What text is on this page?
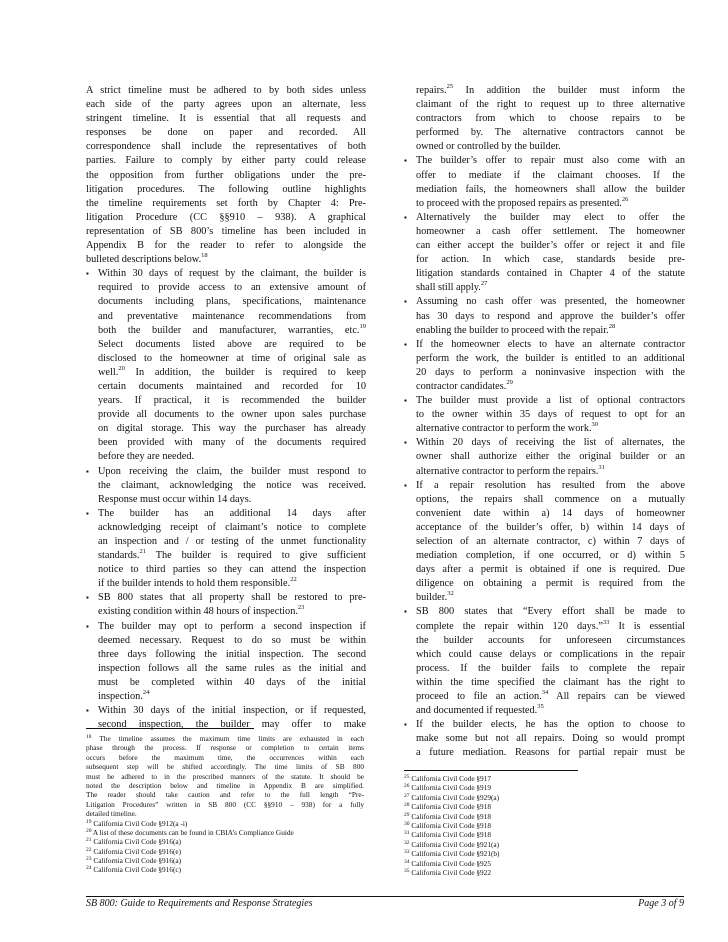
A strict timeline must be adhered to by both sides unless

each side of the party agrees upon an alternate, less

stringent timeline. It is essential that all requests and

responses be done on paper and recorded. All

correspondence shall include the representatives of both

parties. Failure to comply by either party could release

the opposition from further obligations under the pre-

litigation procedures. The following outline highlights

the timeline requirements set forth by Chapter 4: Pre-

litigation Procedure (CC §§910 – 938). A graphical

representation of SB 800’s timeline has been included in

Appendix B for the reader to refer to alongside the

bulleted descriptions below.$^{18}$

▪ Within 30 days of request by the claimant, the builder is

required to provide access to an extensive amount of

documents including plans, specifications, maintenance

and preventative maintenance recommendations from

both the builder and manufacturer, warranties, etc.$^{19}$

Select documents listed above are required to be

disclosed to the homeowner at time of original sale as

well.$^{20}$ In addition, the builder is required to keep

certain documents maintained and recorded for 10

years. If practical, it is recommended the builder

provide all documents to the owner upon sales purchase

on digital storage. This way the purchaser has already

been provided with many of the documents required

before they are needed.

▪ Upon receiving the claim, the builder must respond to

the claimant, acknowledging the notice was received.

Response must occur within 14 days.

▪ The builder has an additional 14 days after

acknowledging receipt of claimant’s notice to complete

an inspection and / or testing of the unmet functionality

standards.$^{21}$ The builder is required to give sufficient

notice to third parties so they can attend the inspection

if the builder intends to hold them responsible.$^{22}$

▪ SB 800 states that all property shall be restored to pre-

existing condition within 48 hours of inspection.$^{23}$

▪ The builder may opt to perform a second inspection if

deemed necessary. Request to do so must be within

three days following the initial inspection. The second

inspection follows all the same rules as the initial and

must be completed within 40 days of the initial

inspection.$^{24}$

▪ Within 30 days of the initial inspection, or if requested,

second inspection, the builder may offer to make

repairs.$^{25}$ In addition the builder must inform the

claimant of the right to request up to three alternative

contractors from which to choose repairs to be

performed by. The alternative contractors cannot be

owned or controlled by the builder.

▪ The builder’s offer to repair must also come with an

offer to mediate if the claimant chooses. If the

mediation fails, the homeowners shall allow the builder

to proceed with the proposed repairs as presented.$^{26}$

▪ Alternatively the builder may elect to offer the

homeowner a cash offer settlement. The homeowner

can either accept the builder’s offer or reject it and file

for action. In which case, standards beside pre-

litigation standards contained in Chapter 4 of the statute

shall still apply.$^{27}$

▪ Assuming no cash offer was presented, the homeowner

has 30 days to respond and approve the builder’s offer

enabling the builder to proceed with the repair.$^{28}$

▪ If the homeowner elects to have an alternate contractor

perform the work, the builder is entitled to an additional

20 days to perform a noninvasive inspection with the

contractor candidates.$^{29}$

▪ The builder must provide a list of optional contractors

to the owner within 35 days of request to opt for an

alternative contractor to perform the work.$^{30}$

▪ Within 20 days of receiving the list of alternates, the

owner shall authorize either the original builder or an

alternative contractor to perform the repairs.$^{31}$

▪ If a repair resolution has resulted from the above

options, the repairs shall commence on a mutually

convenient date within a) 14 days of homeowner

acceptance of the builder’s offer, b) within 14 days of

selection of an alternate contractor, c) within 7 days of

mediation completion, if one occurred, or d) within 5

days after a permit is obtained if one is required. Due

diligence on obtaining a permit is required from the

builder.$^{32}$

▪ SB 800 states that “Every effort shall be made to

complete the repair within 120 days.”$^{33}$ It is essential

the builder accounts for unforeseen circumstances

which could cause delays or complications in the repair

process. If the builder fails to complete the repair

within the time specified the claimant has the right to

proceed to file an action.$^{34}$ All repairs can be viewed

and documented if requested.$^{35}$

▪ If the builder elects, he has the option to choose to

make some but not all repairs. Doing so would prompt

a future mediation. Reasons for partial repair must be

$^{18}$ The timeline assumes the maximum time limits are exhausted in each

phase through the process. If response or completion to certain items

occurs before the maximum time, the occurrences within each

subsequent step will be shifted accordingly. The time limits of SB 800

must be adhered to in the prescribed manners of the statute. It should be

noted the description below and timeline in Appendix B are simplified.

The reader should take caution and refer to the full length “Pre-

Litigation Procedures” written in SB 800 (CC §§910 – 938) for a fully

detailed timeline.

$^{19}$ California Civil Code §912(a -i)

$^{20}$ A list of these documents can be found in CBIA’s Compliance Guide

$^{21}$ California Civil Code §916(a)

$^{22}$ California Civil Code §916(e)

$^{23}$ California Civil Code §916(a)

$^{24}$ California Civil Code §916(c)

$^{25}$ California Civil Code §917

$^{26}$ California Civil Code §919

$^{27}$ California Civil Code §929(a)

$^{28}$ California Civil Code §918

$^{29}$ California Civil Code §918

$^{30}$ California Civil Code §918

$^{31}$ California Civil Code §918

$^{32}$ California Civil Code §921(a)

$^{33}$ California Civil Code §921(b)

$^{34}$ California Civil Code §925

$^{35}$ California Civil Code §922

SB 800: Guide to Requirements and Response Strategies	Page 3 of 9
